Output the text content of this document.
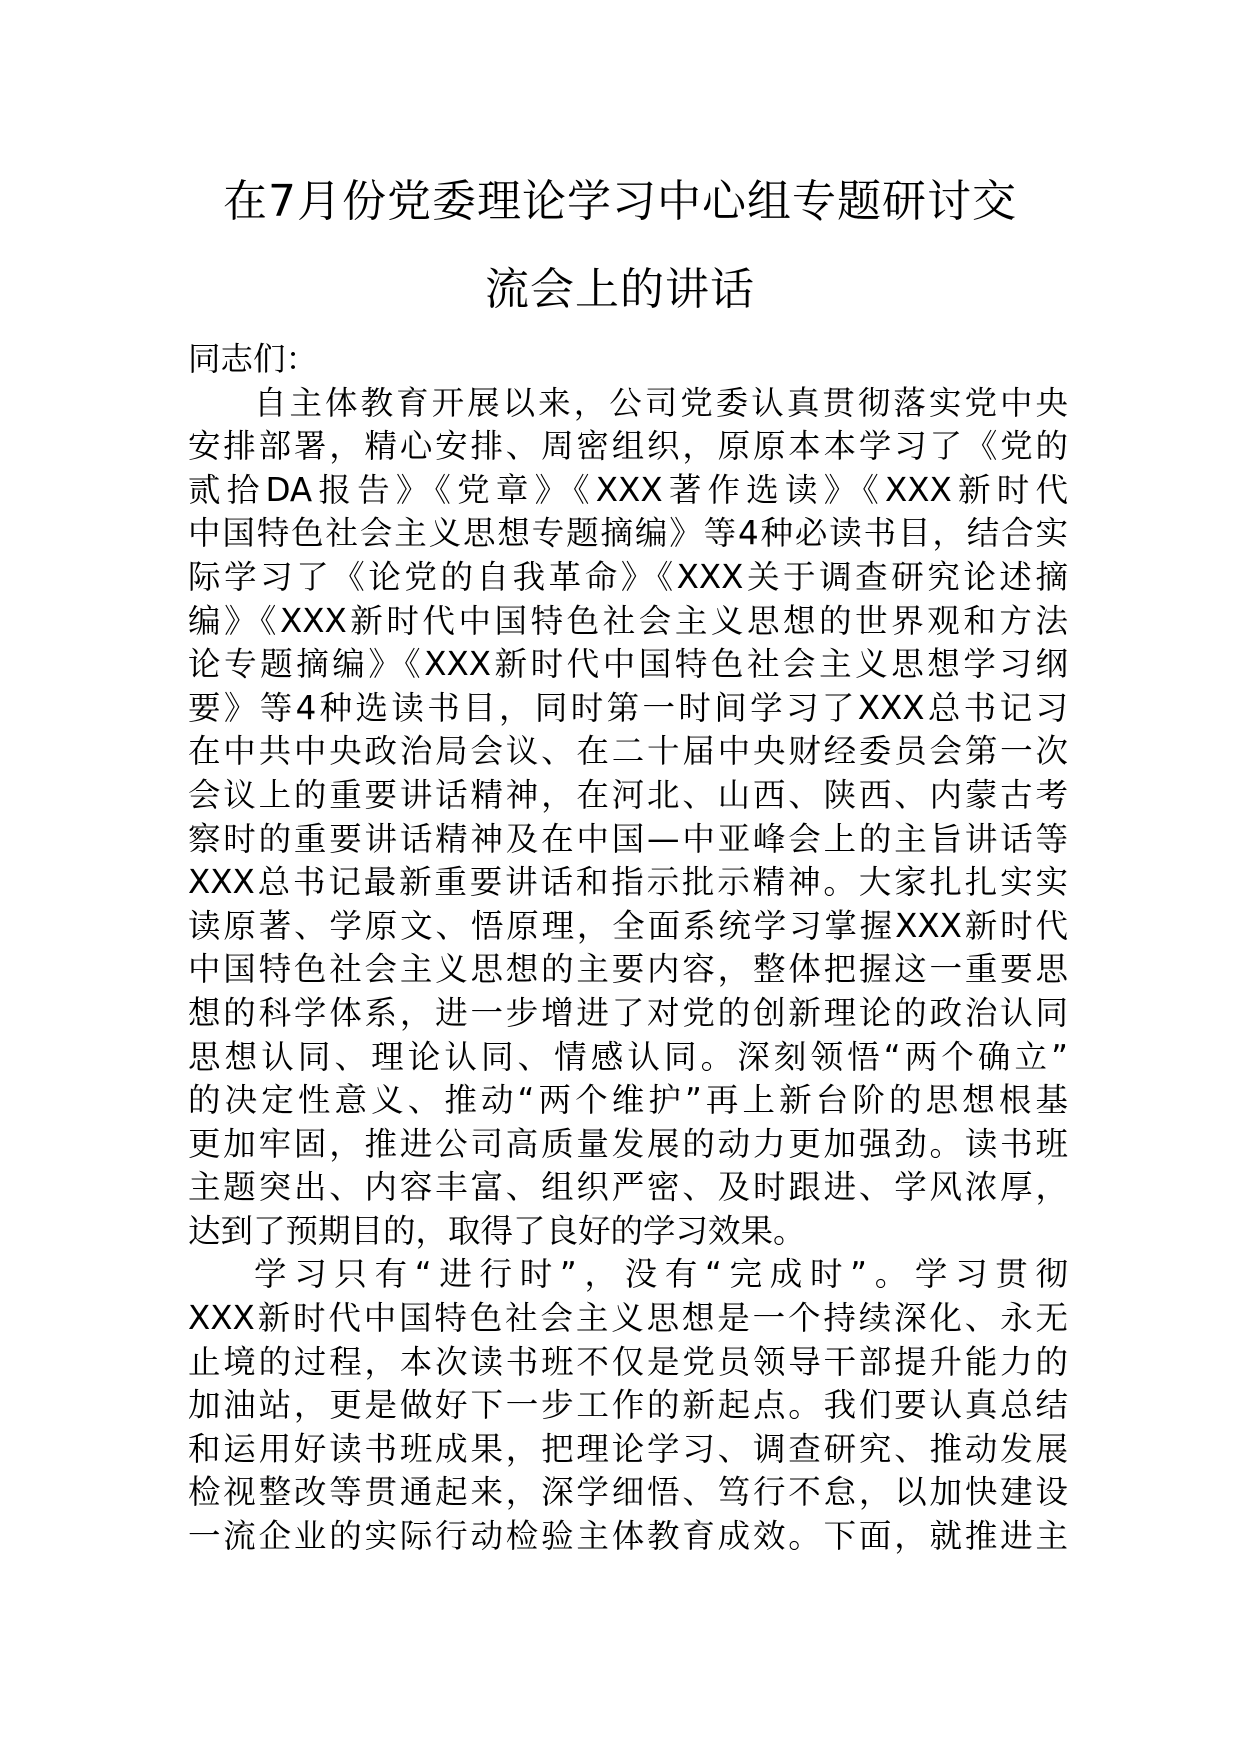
在7月份党委理论学习中心组专题研讨交
流会上的讲话
同志们：
自主体教育开展以来，公司党委认真贯彻落实党中央
安排部署，精心安排、周密组织，原原本本学习了《党的
贰拾DA报告》《党章》《XXX著作选读》《XXX新时代
中国特色社会主义思想专题摘编》等4种必读书目，结合实
际学习了《论党的自我革命》《XXX关于调查研究论述摘
编》《XXX新时代中国特色社会主义思想的世界观和方法
论专题摘编》《XXX新时代中国特色社会主义思想学习纲
要》等4种选读书目，同时第一时间学习了XXX总书记习
在中共中央政治局会议、在二十届中央财经委员会第一次
会议上的重要讲话精神，在河北、山西、陕西、内蒙古考
察时的重要讲话精神及在中国—中亚峰会上的主旨讲话等
XXX总书记最新重要讲话和指示批示精神。大家扎扎实实
读原著、学原文、悟原理，全面系统学习掌握XXX新时代
中国特色社会主义思想的主要内容，整体把握这一重要思
想的科学体系，进一步增进了对党的创新理论的政治认同
思想认同、理论认同、情感认同。深刻领悟“两个确立”
的决定性意义、推动“两个维护”再上新台阶的思想根基
更加牢固，推进公司高质量发展的动力更加强劲。读书班
主题突出、内容丰富、组织严密、及时跟进、学风浓厚，
达到了预期目的，取得了良好的学习效果。
学习只有“进行时”，没有“完成时”。学习贯彻
XXX新时代中国特色社会主义思想是一个持续深化、永无
止境的过程，本次读书班不仅是党员领导干部提升能力的
加油站，更是做好下一步工作的新起点。我们要认真总结
和运用好读书班成果，把理论学习、调查研究、推动发展
检视整改等贯通起来，深学细悟、笃行不怠，以加快建设
一流企业的实际行动检验主体教育成效。下面，就推进主
